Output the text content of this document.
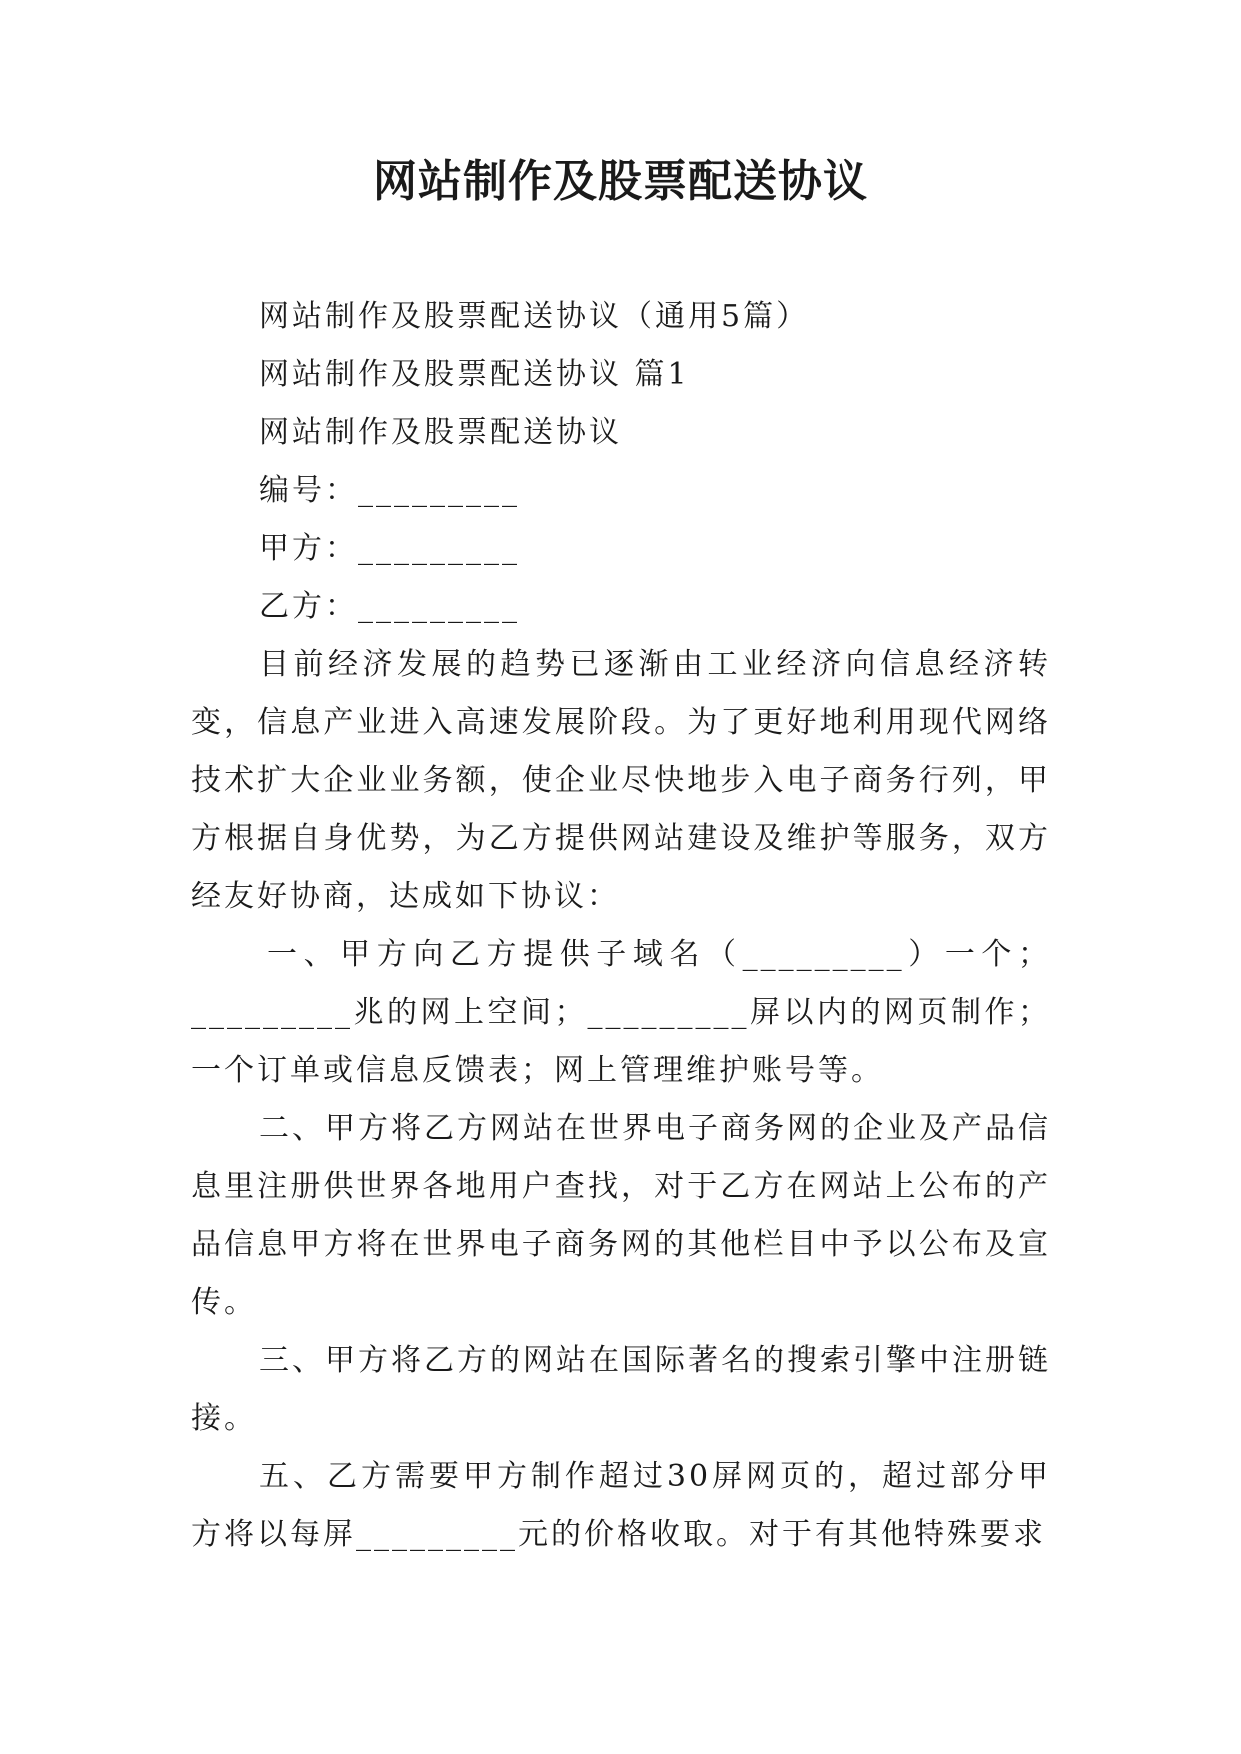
网站制作及股票配送协议

网站制作及股票配送协议（通用5篇）

网站制作及股票配送协议 篇1

网站制作及股票配送协议

编号：_________

甲方：_________

乙方：_________

目前经济发展的趋势已逐渐由工业经济向信息经济转变，信息产业进入高速发展阶段。为了更好地利用现代网络技术扩大企业业务额，使企业尽快地步入电子商务行列，甲方根据自身优势，为乙方提供网站建设及维护等服务，双方经友好协商，达成如下协议：

一、甲方向乙方提供子域名（_________）一个；_________兆的网上空间；_________屏以内的网页制作；一个订单或信息反馈表；网上管理维护账号等。

二、甲方将乙方网站在世界电子商务网的企业及产品信息里注册供世界各地用户查找，对于乙方在网站上公布的产品信息甲方将在世界电子商务网的其他栏目中予以公布及宣传。

三、甲方将乙方的网站在国际著名的搜索引擎中注册链接。

五、乙方需要甲方制作超过30屏网页的，超过部分甲方将以每屏_________元的价格收取。对于有其他特殊要求
